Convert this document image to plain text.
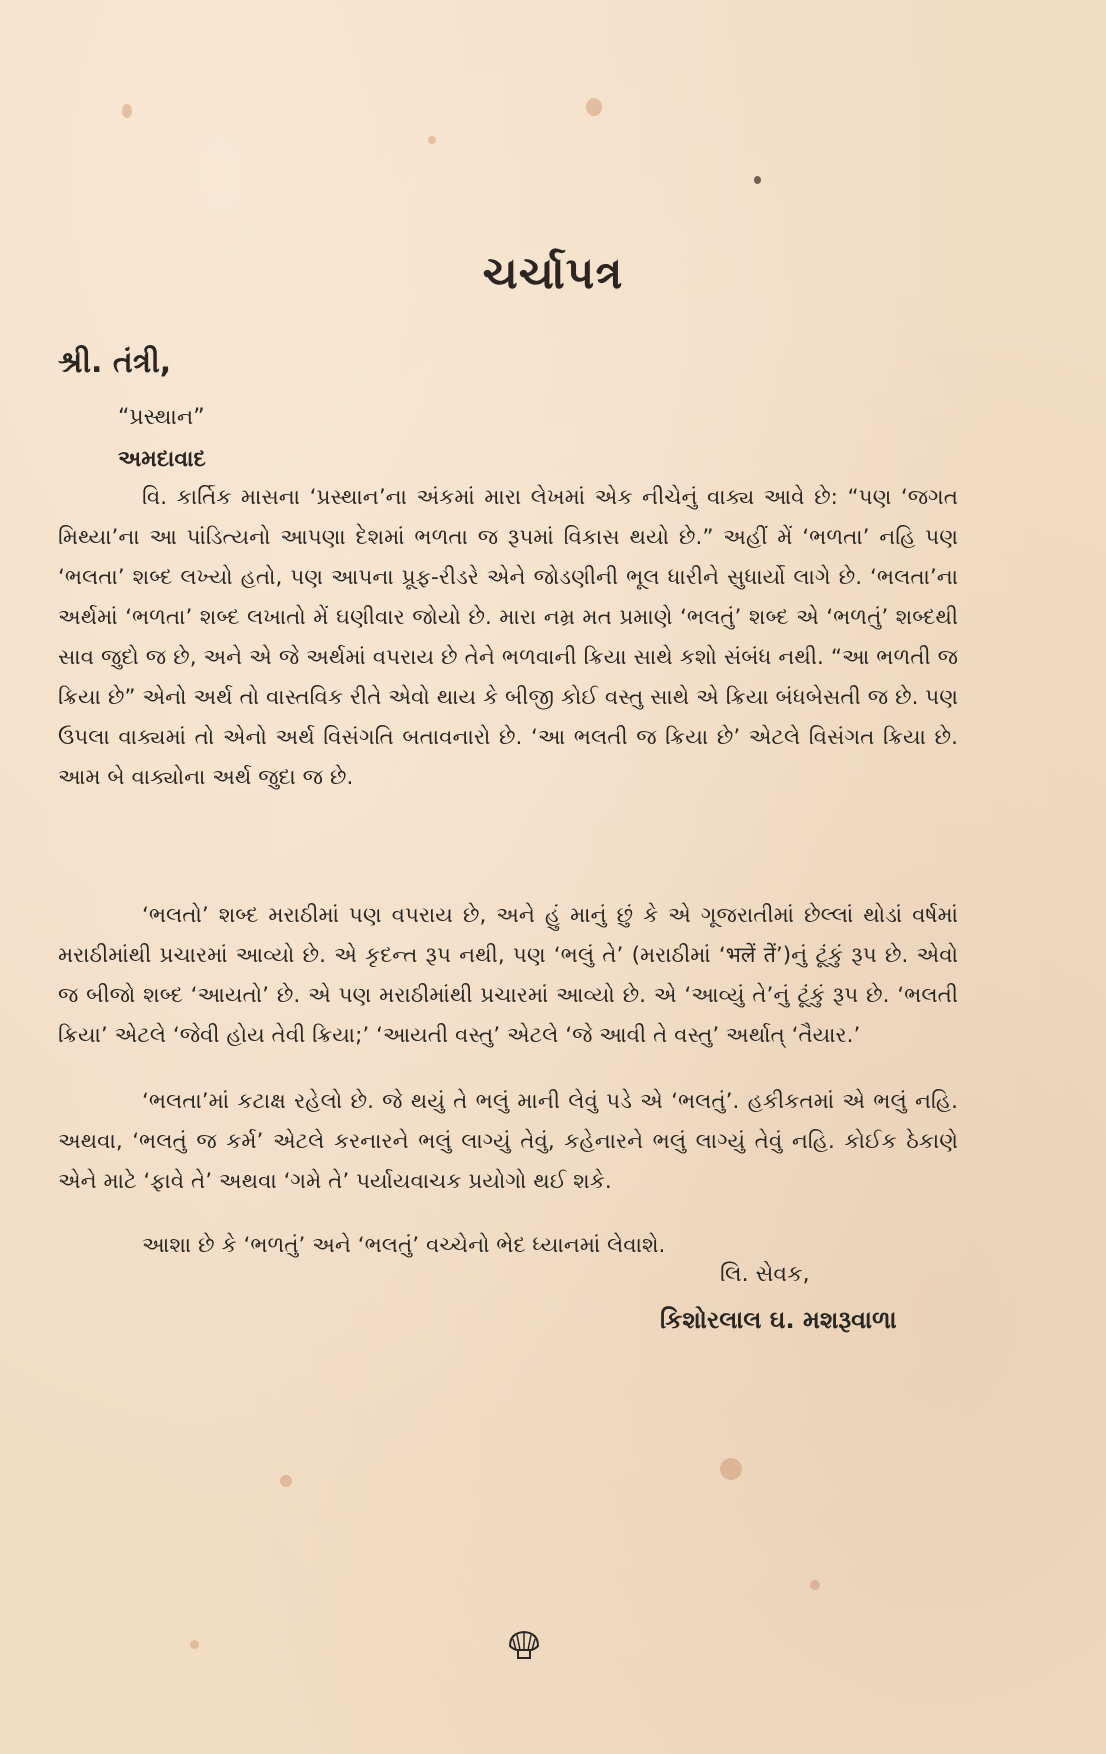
ચર્ચાપત્ર
શ્રી. તંત્રી,
“પ્રસ્થાન”
અમદાવાદ
વિ. કાર્તિક માસના ‘પ્રસ્થાન’ના અંકમાં મારા લેખમાં એક નીચેનું વાક્ય આવે છે: “પણ ‘જગત મિથ્યા’ના આ પાંડિત્યનો આપણા દેશમાં ભળતા જ રૂપમાં વિકાસ થયો છે.” અહીં મેં ‘ભળતા’ નહિ પણ ‘ભલતા’ શબ્દ લખ્યો હતો, પણ આપના પ્રૂફ-રીડરે એને જોડણીની ભૂલ ધારીને સુધાર્યો લાગે છે. ‘ભલતા’ના અર્થમાં ‘ભળતા’ શબ્દ લખાતો મેં ઘણીવાર જોયો છે. મારા નમ્ર મત પ્રમાણે ‘ભલતું’ શબ્દ એ ‘ભળતું’ શબ્દથી સાવ જુદો જ છે, અને એ જે અર્થમાં વપરાય છે તેને ભળવાની ક્રિયા સાથે કશો સંબંધ નથી. “આ ભળતી જ ક્રિયા છે” એનો અર્થ તો વાસ્તવિક રીતે એવો થાય કે બીજી કોઈ વસ્તુ સાથે એ ક્રિયા બંધબેસતી જ છે. પણ ઉપલા વાક્યમાં તો એનો અર્થ વિસંગતિ બતાવનારો છે. ‘આ ભલતી જ ક્રિયા છે’ એટલે વિસંગત ક્રિયા છે. આમ બે વાક્યોના અર્થ જુદા જ છે.
‘ભલતો’ શબ્દ મરાઠીમાં પણ વપરાય છે, અને હું માનું છું કે એ ગૂજરાતીમાં છેલ્લાં થોડાં વર્ષમાં મરાઠીમાંથી પ્રચારમાં આવ્યો છે. એ કૃદન્ત રૂપ નથી, પણ ‘ભલું તે’ (મરાઠીમાં ‘भलें तें’)નું ટૂંકું રૂપ છે. એવો જ બીજો શબ્દ ‘આયતો’ છે. એ પણ મરાઠીમાંથી પ્રચારમાં આવ્યો છે. એ ‘આવ્યું તે’નું ટૂંકું રૂપ છે. ‘ભલતી ક્રિયા’ એટલે ‘જેવી હોય તેવી ક્રિયા;’ ‘આયતી વસ્તુ’ એટલે ‘જે આવી તે વસ્તુ’ અર્થાત્ ‘તૈયાર.’
‘ભલતા’માં કટાક્ષ રહેલો છે. જે થયું તે ભલું માની લેવું પડે એ ‘ભલતું’. હકીકતમાં એ ભલું નહિ. અથવા, ‘ભલતું જ કર્મ’ એટલે કરનારને ભલું લાગ્યું તેવું, કહેનારને ભલું લાગ્યું તેવું નહિ. કોઈક ઠેકાણે એને માટે ‘ફાવે તે’ અથવા ‘ગમે તે’ પર્યાયવાચક પ્રયોગો થઈ શકે.
આશા છે કે ‘ભળતું’ અને ‘ભલતું’ વચ્ચેનો ભેદ ધ્યાનમાં લેવાશે.
લિ. સેવક,
કિશોરલાલ ઘ. મશરૂવાળા
